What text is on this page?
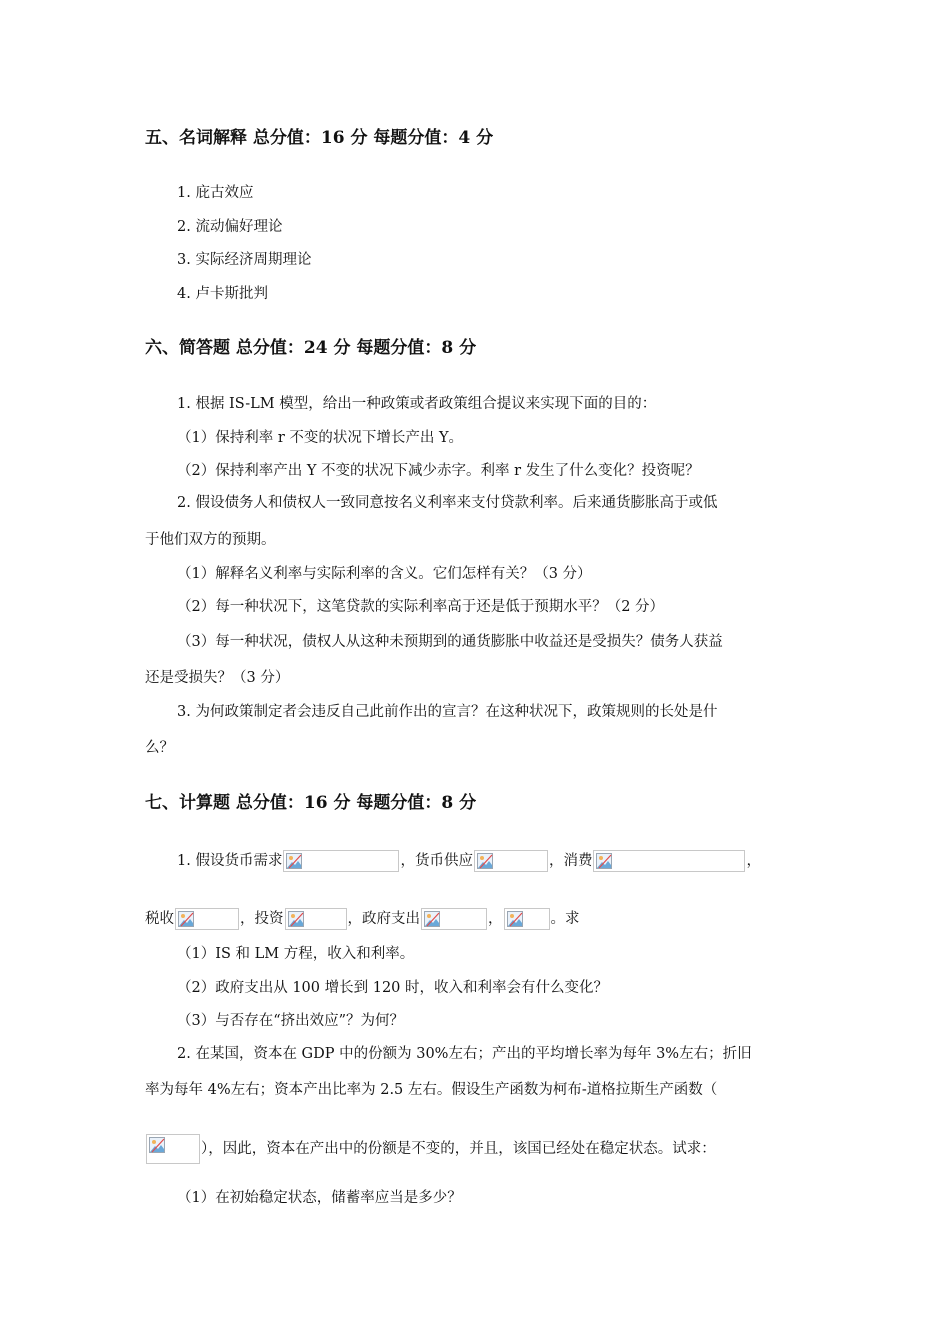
五、名词解释 总分值：16 分 每题分值：4 分
1. 庇古效应
2. 流动偏好理论
3. 实际经济周期理论
4. 卢卡斯批判
六、简答题 总分值：24 分 每题分值：8 分
1. 根据 IS-LM 模型，给出一种政策或者政策组合提议来实现下面的目的：
（1）保持利率 r 不变的状况下增长产出 Y。
（2）保持利率产出 Y 不变的状况下减少赤字。利率 r 发生了什么变化？投资呢？
2. 假设债务人和债权人一致同意按名义利率来支付贷款利率。后来通货膨胀高于或低
于他们双方的预期。
（1）解释名义利率与实际利率的含义。它们怎样有关？（3 分）
（2）每一种状况下，这笔贷款的实际利率高于还是低于预期水平？（2 分）
（3）每一种状况，债权人从这种未预期到的通货膨胀中收益还是受损失？债务人获益
还是受损失？（3 分）
3. 为何政策制定者会违反自己此前作出的宣言？在这种状况下，政策规则的长处是什
么？
七、计算题 总分值：16 分 每题分值：8 分
1. 假设货币需求	，货币供应	，消费	，
税收	，投资	，政府支出	，	。求
（1）IS 和 LM 方程，收入和利率。
（2）政府支出从 100 增长到 120 时，收入和利率会有什么变化？
（3）与否存在“挤出效应”？为何？
2. 在某国，资本在 GDP 中的份额为 30%左右；产出的平均增长率为每年 3%左右；折旧
率为每年 4%左右；资本产出比率为 2.5 左右。假设生产函数为柯布-道格拉斯生产函数（
），因此，资本在产出中的份额是不变的，并且，该国已经处在稳定状态。试求：
（1）在初始稳定状态，储蓄率应当是多少？
